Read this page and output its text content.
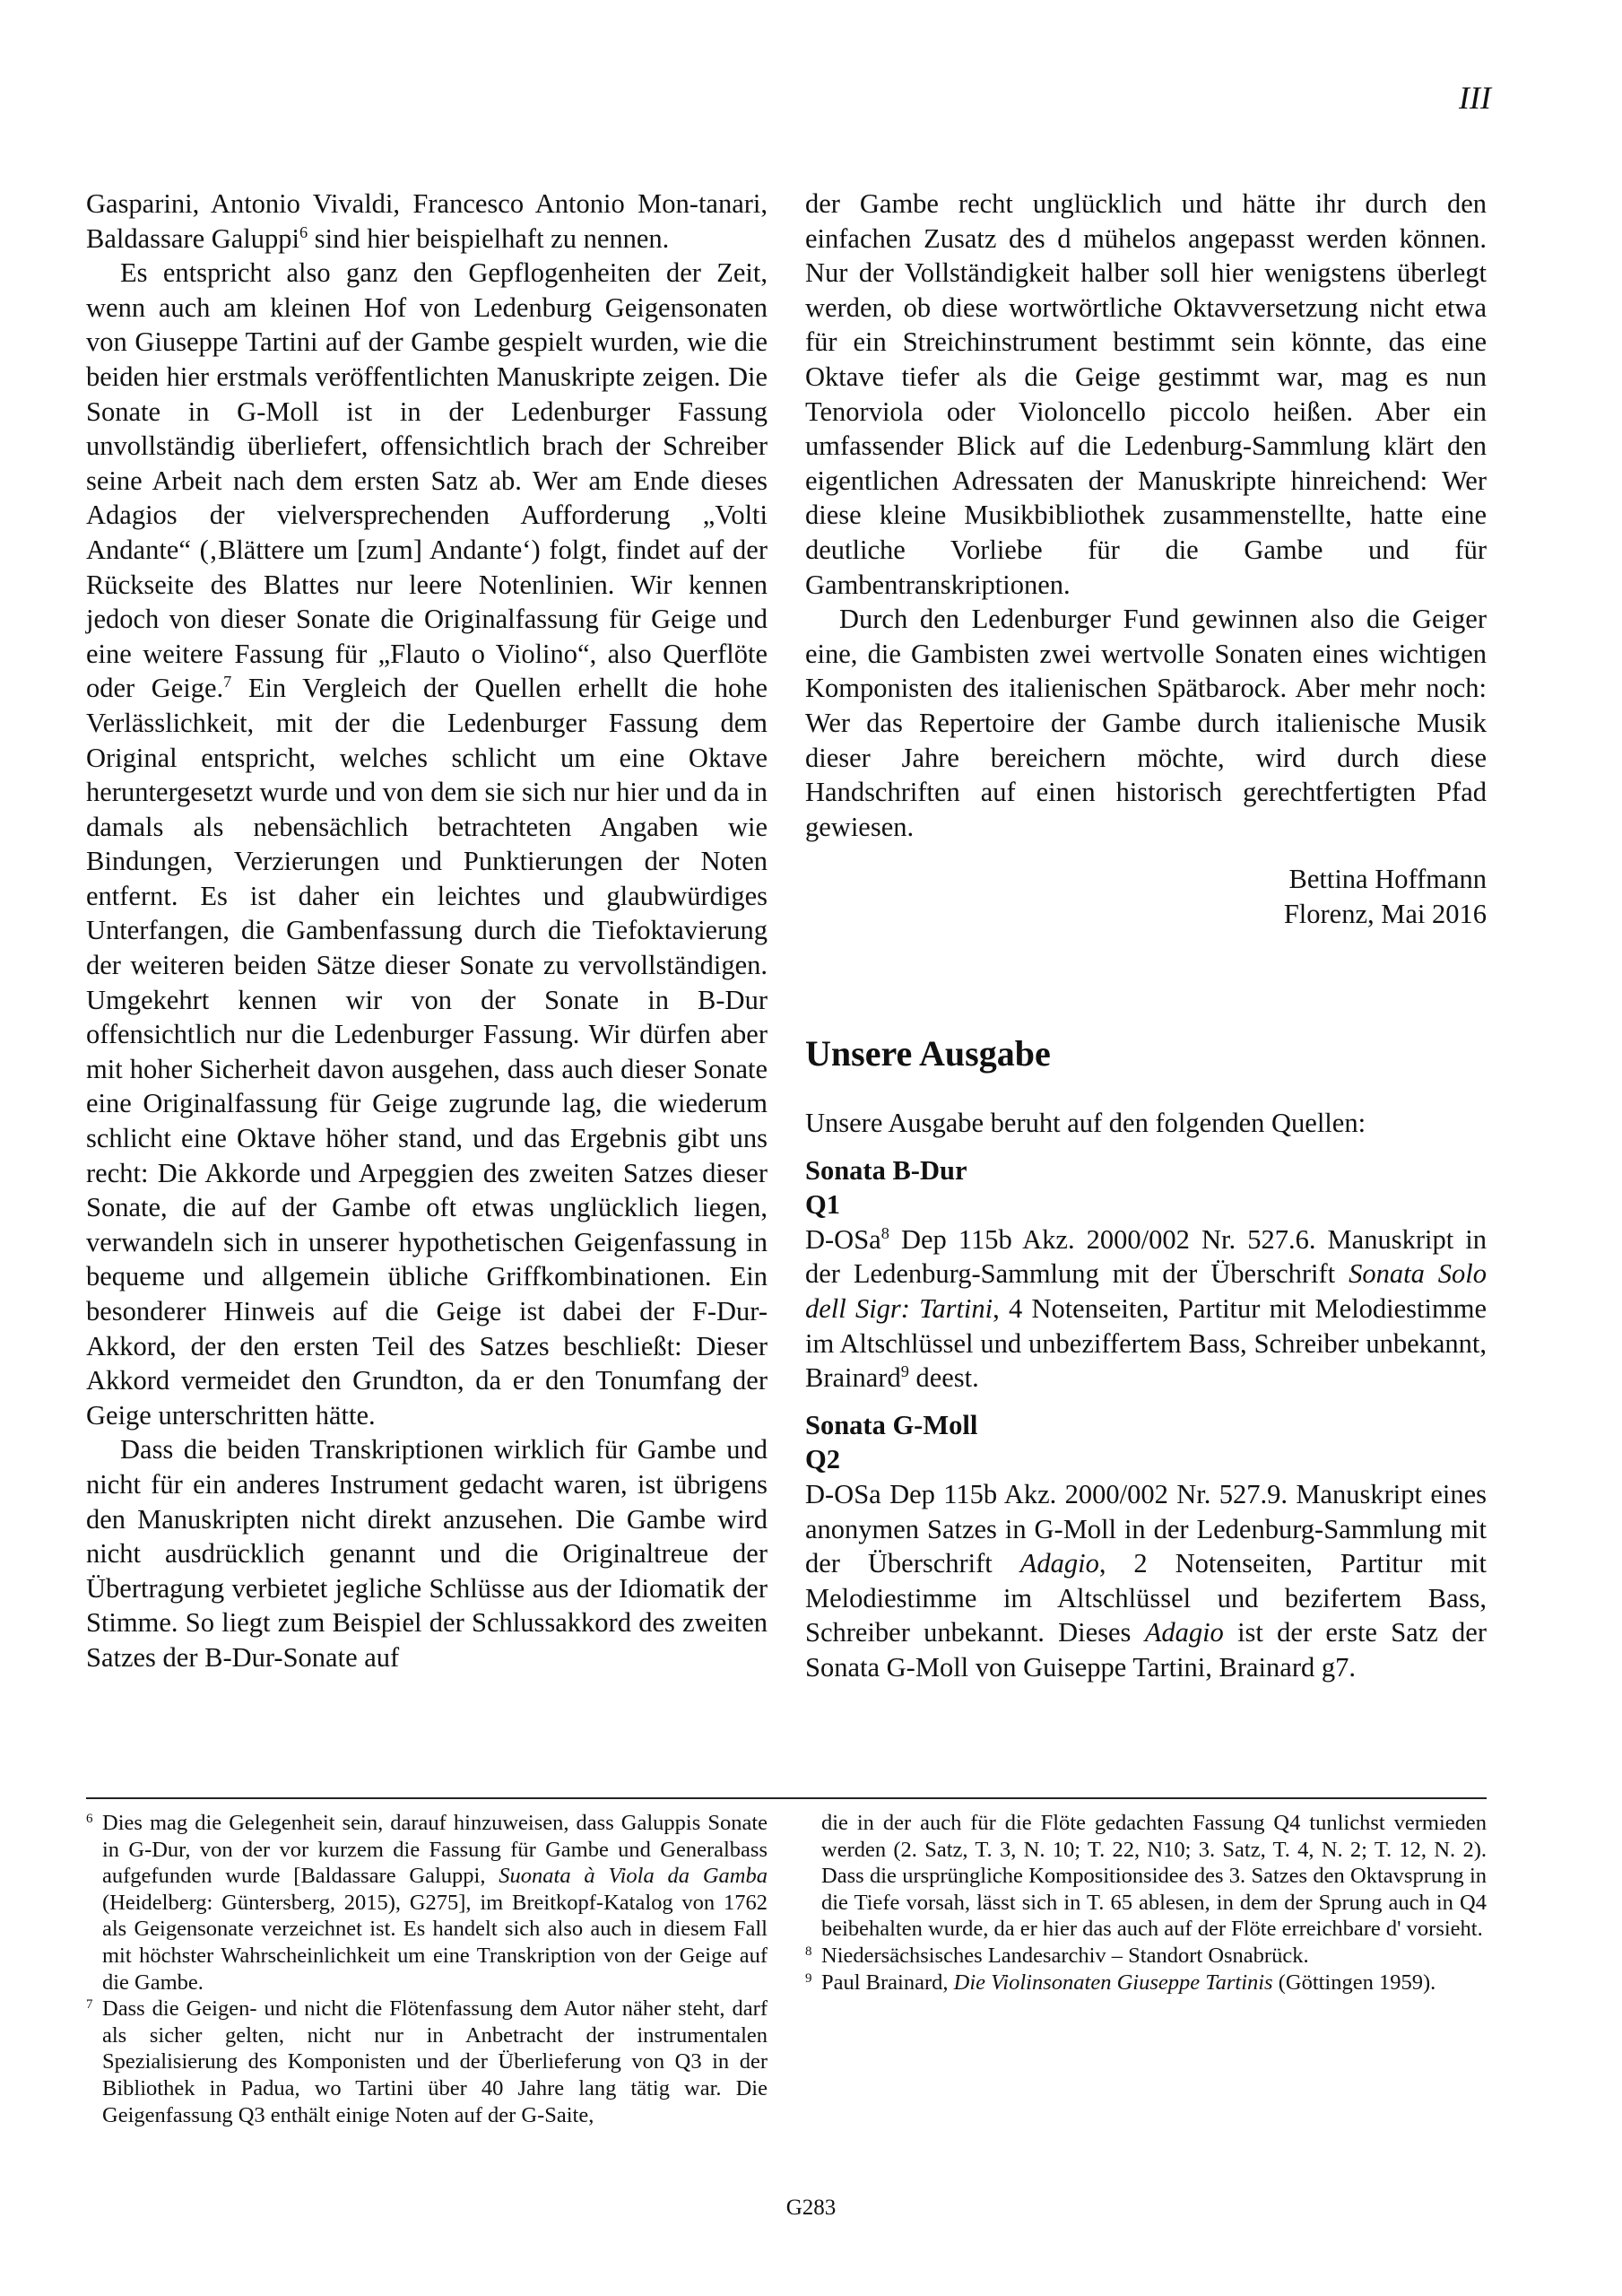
III

Gasparini, Antonio Vivaldi, Francesco Antonio Mon-tanari, Baldassare Galuppi$^6$ sind hier beispielhaft zu nennen.

Es entspricht also ganz den Gepflogenheiten der Zeit, wenn auch am kleinen Hof von Ledenburg Geigensonaten von Giuseppe Tartini auf der Gambe gespielt wurden, wie die beiden hier erstmals veröffentlichten Manuskripte zeigen. Die Sonate in G-Moll ist in der Ledenburger Fassung unvollständig überliefert, offensichtlich brach der Schreiber seine Arbeit nach dem ersten Satz ab. Wer am Ende dieses Adagios der vielversprechenden Aufforderung „Volti Andante“ (‚Blättere um [zum] Andante‘) folgt, findet auf der Rückseite des Blattes nur leere Notenlinien. Wir kennen jedoch von dieser Sonate die Originalfassung für Geige und eine weitere Fassung für „Flauto o Violino“, also Querflöte oder Geige.$^7$ Ein Vergleich der Quellen erhellt die hohe Verlässlichkeit, mit der die Ledenburger Fassung dem Original entspricht, welches schlicht um eine Oktave heruntergesetzt wurde und von dem sie sich nur hier und da in damals als nebensächlich betrachteten Angaben wie Bindungen, Verzierungen und Punktierungen der Noten entfernt. Es ist daher ein leichtes und glaubwürdiges Unterfangen, die Gambenfassung durch die Tiefoktavierung der weiteren beiden Sätze dieser Sonate zu vervollständigen. Umgekehrt kennen wir von der Sonate in B-Dur offensichtlich nur die Ledenburger Fassung. Wir dürfen aber mit hoher Sicherheit davon ausgehen, dass auch dieser Sonate eine Originalfassung für Geige zugrunde lag, die wiederum schlicht eine Oktave höher stand, und das Ergebnis gibt uns recht: Die Akkorde und Arpeggien des zweiten Satzes dieser Sonate, die auf der Gambe oft etwas unglücklich liegen, verwandeln sich in unserer hypothetischen Geigenfassung in bequeme und allgemein übliche Griffkombinationen. Ein besonderer Hinweis auf die Geige ist dabei der F-Dur-Akkord, der den ersten Teil des Satzes beschließt: Dieser Akkord vermeidet den Grundton, da er den Tonumfang der Geige unterschritten hätte.

Dass die beiden Transkriptionen wirklich für Gambe und nicht für ein anderes Instrument gedacht waren, ist übrigens den Manuskripten nicht direkt anzusehen. Die Gambe wird nicht ausdrücklich genannt und die Originaltreue der Übertragung verbietet jegliche Schlüsse aus der Idiomatik der Stimme. So liegt zum Beispiel der Schlussakkord des zweiten Satzes der B-Dur-Sonate auf

der Gambe recht unglücklich und hätte ihr durch den einfachen Zusatz des d mühelos angepasst werden können. Nur der Vollständigkeit halber soll hier wenigstens überlegt werden, ob diese wortwörtliche Oktavversetzung nicht etwa für ein Streichinstrument bestimmt sein könnte, das eine Oktave tiefer als die Geige gestimmt war, mag es nun Tenorviola oder Violoncello piccolo heißen. Aber ein umfassender Blick auf die Ledenburg-Sammlung klärt den eigentlichen Adressaten der Manuskripte hinreichend: Wer diese kleine Musikbibliothek zusammenstellte, hatte eine deutliche Vorliebe für die Gambe und für Gambentranskriptionen.

Durch den Ledenburger Fund gewinnen also die Geiger eine, die Gambisten zwei wertvolle Sonaten eines wichtigen Komponisten des italienischen Spätbarock. Aber mehr noch: Wer das Repertoire der Gambe durch italienische Musik dieser Jahre bereichern möchte, wird durch diese Handschriften auf einen historisch gerechtfertigten Pfad gewiesen.

Bettina Hoffmann
Florenz, Mai 2016
Unsere Ausgabe

Unsere Ausgabe beruht auf den folgenden Quellen:

Sonata B-Dur

Q1

D-OSa$^8$ Dep 115b Akz. 2000/002 Nr. 527.6. Manuskript in der Ledenburg-Sammlung mit der Überschrift Sonata Solo dell Sigr: Tartini, 4 Notenseiten, Partitur mit Melodiestimme im Altschlüssel und unbeziffertem Bass, Schreiber unbekannt, Brainard$^9$ deest.

Sonata G-Moll

Q2

D-OSa Dep 115b Akz. 2000/002 Nr. 527.9. Manuskript eines anonymen Satzes in G-Moll in der Ledenburg-Sammlung mit der Überschrift Adagio, 2 Notenseiten, Partitur mit Melodiestimme im Altschlüssel und bezifertem Bass, Schreiber unbekannt. Dieses Adagio ist der erste Satz der Sonata G-Moll von Guiseppe Tartini, Brainard g7.

6 Dies mag die Gelegenheit sein, darauf hinzuweisen, dass Galuppis Sonate in G-Dur, von der vor kurzem die Fassung für Gambe und Generalbass aufgefunden wurde [Baldassare Galuppi, Suonata à Viola da Gamba (Heidelberg: Güntersberg, 2015), G275], im Breitkopf-Katalog von 1762 als Geigensonate verzeichnet ist. Es handelt sich also auch in diesem Fall mit höchster Wahrscheinlichkeit um eine Transkription von der Geige auf die Gambe.

7 Dass die Geigen- und nicht die Flötenfassung dem Autor näher steht, darf als sicher gelten, nicht nur in Anbetracht der instrumentalen Spezialisierung des Komponisten und der Überlieferung von Q3 in der Bibliothek in Padua, wo Tartini über 40 Jahre lang tätig war. Die Geigenfassung Q3 enthält einige Noten auf der G-Saite,

die in der auch für die Flöte gedachten Fassung Q4 tunlichst vermieden werden (2. Satz, T. 3, N. 10; T. 22, N10; 3. Satz, T. 4, N. 2; T. 12, N. 2). Dass die ursprüngliche Kompositionsidee des 3. Satzes den Oktavsprung in die Tiefe vorsah, lässt sich in T. 65 ablesen, in dem der Sprung auch in Q4 beibehalten wurde, da er hier das auch auf der Flöte erreichbare d' vorsieht.

8 Niedersächsisches Landesarchiv – Standort Osnabrück.

9 Paul Brainard, Die Violinsonaten Giuseppe Tartinis (Göttingen 1959).

G283
